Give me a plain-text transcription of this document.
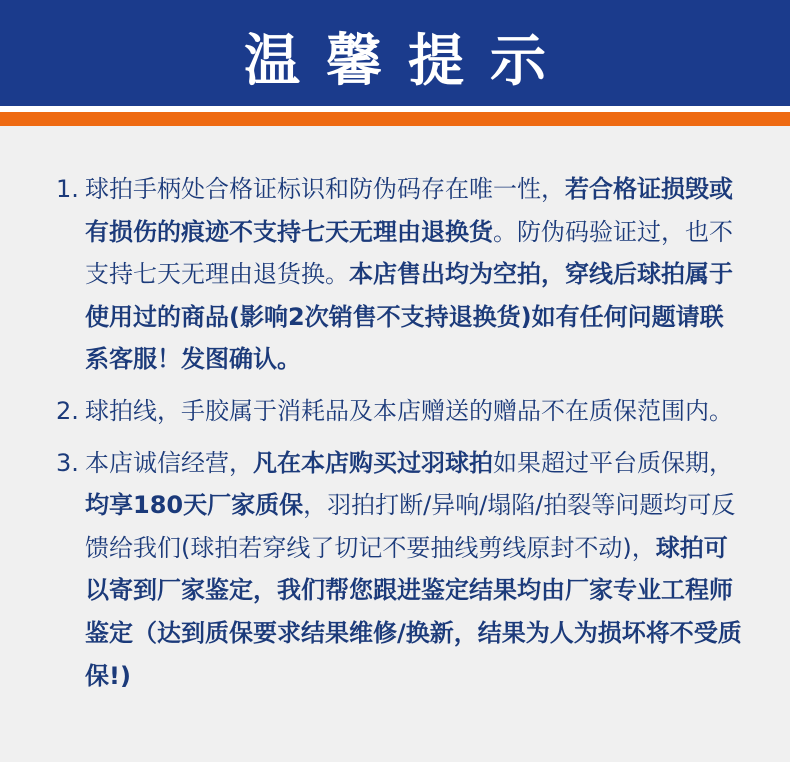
温馨提示
1. 球拍手柄处合格证标识和防伪码存在唯一性，若合格证损毁或有损伤的痕迹不支持七天无理由退换货。防伪码验证过，也不支持七天无理由退货换。本店售出均为空拍，穿线后球拍属于使用过的商品(影响2次销售不支持退换货)如有任何问题请联系客服！发图确认。
2. 球拍线，手胶属于消耗品及本店赠送的赠品不在质保范围内。
3. 本店诚信经营，凡在本店购买过羽球拍如果超过平台质保期，均享180天厂家质保，羽拍打断/异响/塌陷/拍裂等问题均可反馈给我们(球拍若穿线了切记不要抽线剪线原封不动)，球拍可以寄到厂家鉴定，我们帮您跟进鉴定结果均由厂家专业工程师鉴定（达到质保要求结果维修/换新，结果为人为损坏将不受质保!)
